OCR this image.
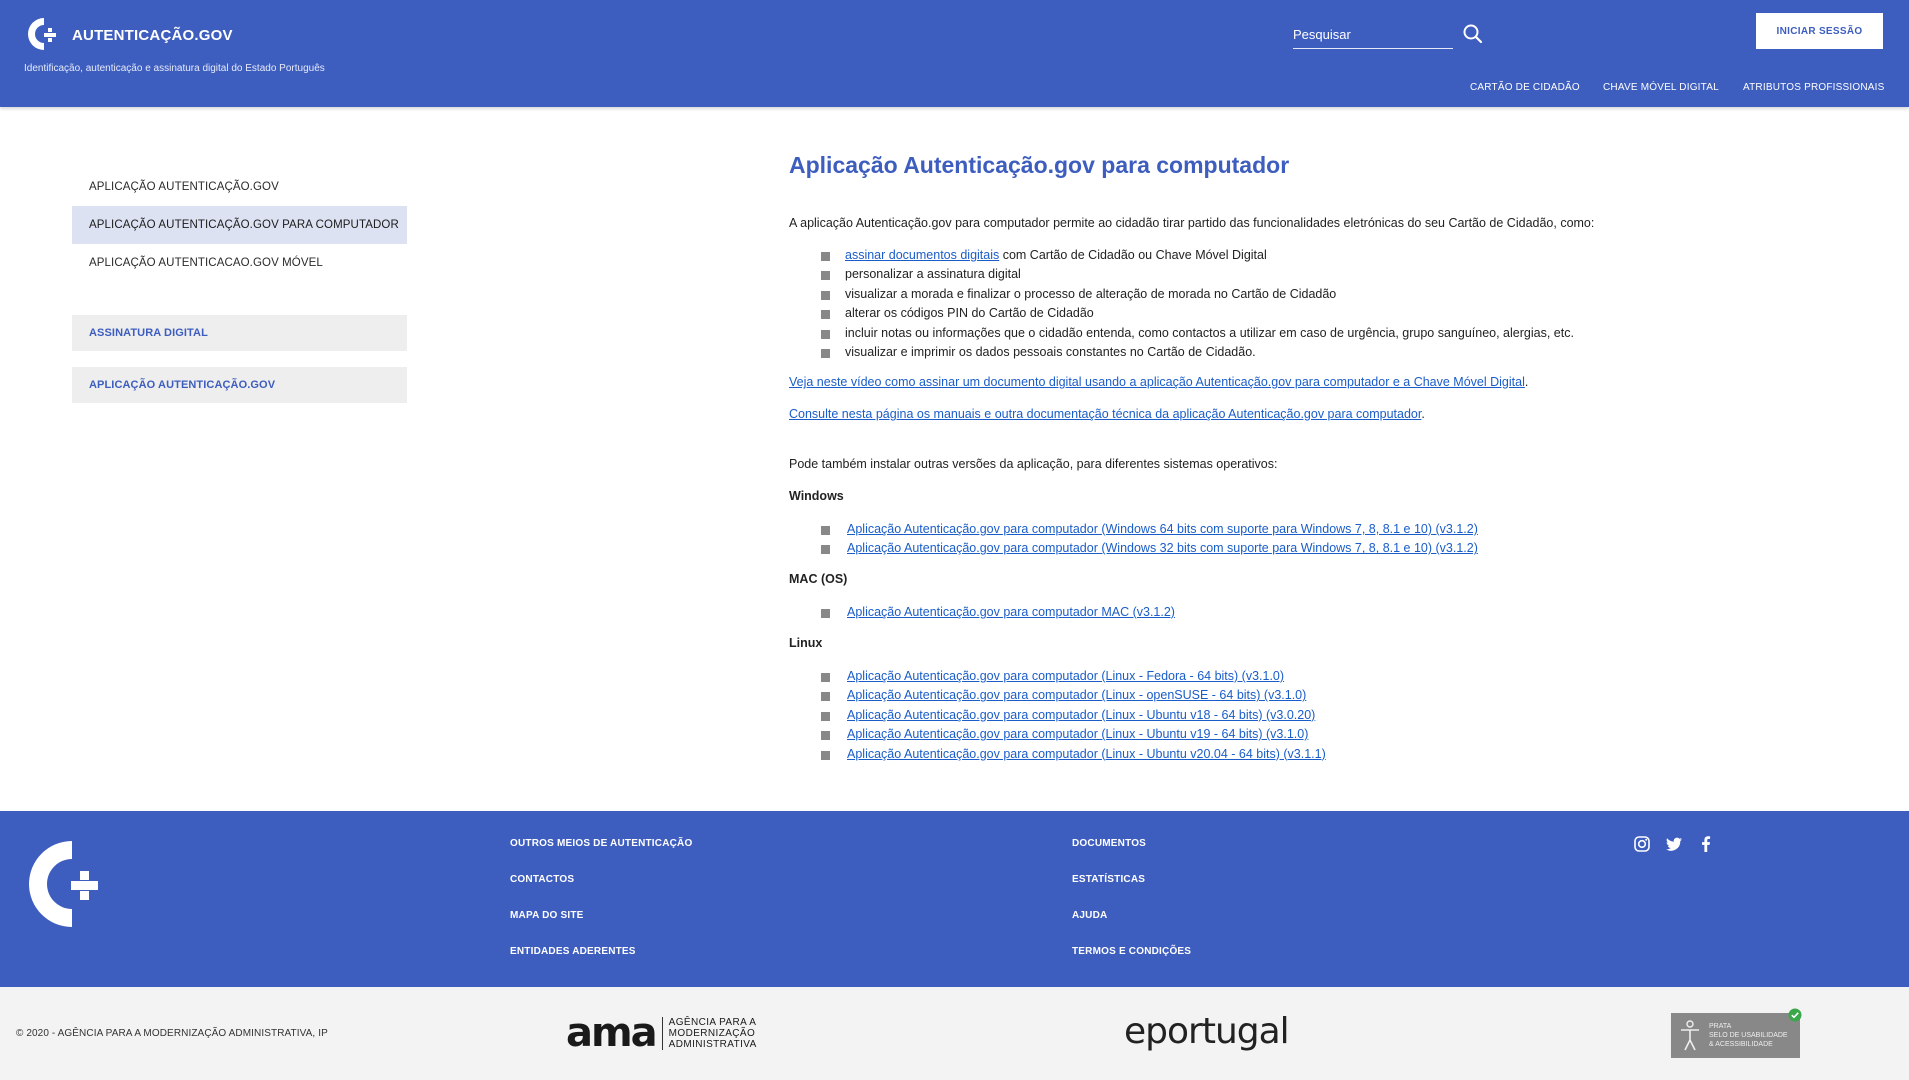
AUTENTICAÇÃO.GOV
Identificação, autenticação e assinatura digital do Estado Português
Pesquisar
INICIAR SESSÃO
CARTÃO DE CIDADÃO CHAVE MÓVEL DIGITAL ATRIBUTOS PROFISSIONAIS
APLICAÇÃO AUTENTICAÇÃO.GOV
APLICAÇÃO AUTENTICAÇÃO.GOV PARA COMPUTADOR
APLICAÇÃO AUTENTICACAO.GOV MÓVEL
ASSINATURA DIGITAL
APLICAÇÃO AUTENTICAÇÃO.GOV
Aplicação Autenticação.gov para computador
A aplicação Autenticação.gov para computador permite ao cidadão tirar partido das funcionalidades eletrónicas do seu Cartão de Cidadão, como:
assinar documentos digitais com Cartão de Cidadão ou Chave Móvel Digital
personalizar a assinatura digital
visualizar a morada e finalizar o processo de alteração de morada no Cartão de Cidadão
alterar os códigos PIN do Cartão de Cidadão
incluir notas ou informações que o cidadão entenda, como contactos a utilizar em caso de urgência, grupo sanguíneo, alergias, etc.
visualizar e imprimir os dados pessoais constantes no Cartão de Cidadão.
Veja neste vídeo como assinar um documento digital usando a aplicação Autenticação.gov para computador e a Chave Móvel Digital.
Consulte nesta página os manuais e outra documentação técnica da aplicação Autenticação.gov para computador.
Pode também instalar outras versões da aplicação, para diferentes sistemas operativos:
Windows
Aplicação Autenticação.gov para computador (Windows 64 bits com suporte para Windows 7, 8, 8.1 e 10) (v3.1.2)
Aplicação Autenticação.gov para computador (Windows 32 bits com suporte para Windows 7, 8, 8.1 e 10) (v3.1.2)
MAC (OS)
Aplicação Autenticação.gov para computador MAC (v3.1.2)
Linux
Aplicação Autenticação.gov para computador (Linux - Fedora - 64 bits) (v3.1.0)
Aplicação Autenticação.gov para computador (Linux - openSUSE - 64 bits) (v3.1.0)
Aplicação Autenticação.gov para computador (Linux - Ubuntu v18 - 64 bits) (v3.0.20)
Aplicação Autenticação.gov para computador (Linux - Ubuntu v19 - 64 bits) (v3.1.0)
Aplicação Autenticação.gov para computador (Linux - Ubuntu v20.04 - 64 bits) (v3.1.1)
OUTROS MEIOS DE AUTENTICAÇÃO
CONTACTOS
MAPA DO SITE
ENTIDADES ADERENTES
DOCUMENTOS
ESTATÍSTICAS
AJUDA
TERMOS E CONDIÇÕES
© 2020 - AGÊNCIA PARA A MODERNIZAÇÃO ADMINISTRATIVA, IP	ama AGÊNCIA PARA A
MODERNIZAÇÃO
ADMINISTRATIVA	eportugal	PRATA
SELO DE USABILIDADE
& ACESSIBILIDADE
